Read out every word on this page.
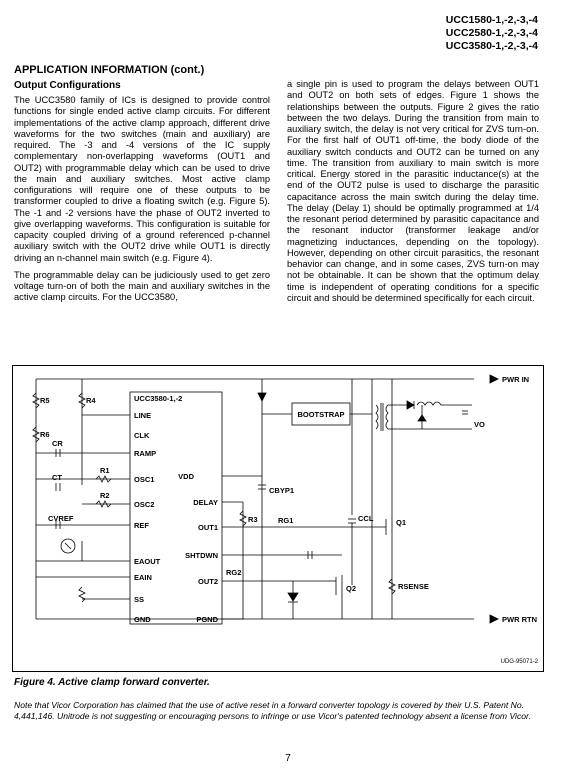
UCC1580-1,-2,-3,-4
UCC2580-1,-2,-3,-4
UCC3580-1,-2,-3,-4
APPLICATION INFORMATION (cont.)
Output Configurations

The UCC3580 family of ICs is designed to provide control functions for single ended active clamp circuits. For different implementations of the active clamp approach, different drive waveforms for the two switches (main and auxiliary) are required. The -3 and -4 versions of the IC supply complementary non-overlapping waveforms (OUT1 and OUT2) with programmable delay which can be used to drive the main and auxiliary switches. Most active clamp configurations will require one of these outputs to be transformer coupled to drive a floating switch (e.g. Figure 5). The -1 and -2 versions have the phase of OUT2 inverted to give overlapping waveforms. This configuration is suitable for capacity coupled driving of a ground referenced p-channel auxiliary switch with the OUT2 drive while OUT1 is directly driving an n-channel main switch (e.g. Figure 4).

The programmable delay can be judiciously used to get zero voltage turn-on of both the main and auxiliary switches in the active clamp circuits. For the UCC3580,

a single pin is used to program the delays between OUT1 and OUT2 on both sets of edges. Figure 1 shows the relationships between the outputs. Figure 2 gives the ratio between the two delays. During the transition from main to auxiliary switch, the delay is not very critical for ZVS turn-on. For the first half of OUT1 off-time, the body diode of the auxiliary switch conducts and OUT2 can be turned on any time. The transition from auxiliary to main switch is more critical. Energy stored in the parasitic inductance(s) at the end of the OUT2 pulse is used to discharge the parasitic capacitance across the main switch during the delay time. The delay (Delay 1) should be optimally programmed at 1/4 the resonant period determined by parasitic capacitance and the resonant inductor (transformer leakage and/or magnetizing inductances, depending on the topology). However, depending on other circuit parasitics, the resonant behavior can change, and in some cases, ZVS turn-on may not be obtainable. It can be shown that the optimum delay time is independent of operating conditions for a specific circuit and should be determined specifically for each circuit.

UCC3580-1,-2
LINE
CLK
RAMP
OSC1
OSC2
REF
EAOUT
EAIN
SS
GND
VDD
DELAY
OUT1
SHTDWN
OUT2
PGND
R5	R4
R6
CR
CT
R1
R2
CVREF	R3
CBYP1
RG1
RG2
CCL	Q1
Q2	RSENSE
BOOTSTRAP
VO
PWR IN
PWR RTN
UDG-95071-2
Figure 4. Active clamp forward converter.
Note that Vicor Corporation has claimed that the use of active reset in a forward converter topology is covered by their U.S. Patent No. 4,441,146. Unitrode is not suggesting or encouraging persons to infringe or use Vicor's patented technology absent a license from Vicor.
7
